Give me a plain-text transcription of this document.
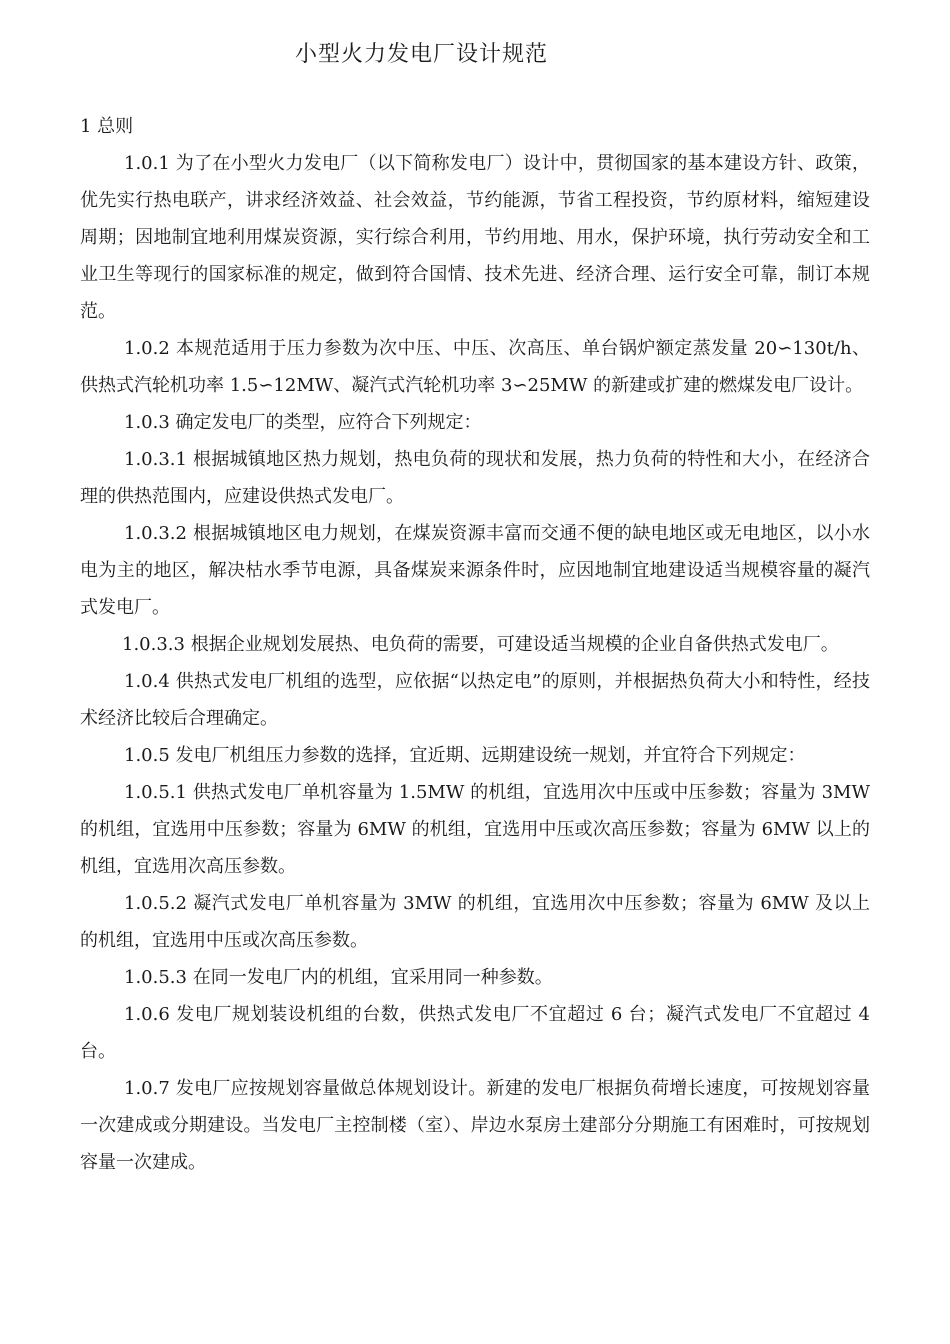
小型火力发电厂设计规范

1 总则

1.0.1 为了在小型火力发电厂（以下简称发电厂）设计中，贯彻国家的基本建设方针、政策，优先实行热电联产，讲求经济效益、社会效益，节约能源，节省工程投资，节约原材料，缩短建设周期；因地制宜地利用煤炭资源，实行综合利用，节约用地、用水，保护环境，执行劳动安全和工业卫生等现行的国家标准的规定，做到符合国情、技术先进、经济合理、运行安全可靠，制订本规范。

1.0.2 本规范适用于压力参数为次中压、中压、次高压、单台锅炉额定蒸发量 20∽130t/h、供热式汽轮机功率 1.5∽12MW、凝汽式汽轮机功率 3∽25MW 的新建或扩建的燃煤发电厂设计。

1.0.3 确定发电厂的类型，应符合下列规定：

1.0.3.1 根据城镇地区热力规划，热电负荷的现状和发展，热力负荷的特性和大小，在经济合理的供热范围内，应建设供热式发电厂。

1.0.3.2 根据城镇地区电力规划，在煤炭资源丰富而交通不便的缺电地区或无电地区，以小水电为主的地区，解决枯水季节电源，具备煤炭来源条件时，应因地制宜地建设适当规模容量的凝汽式发电厂。

1.0.3.3 根据企业规划发展热、电负荷的需要，可建设适当规模的企业自备供热式发电厂。

1.0.4 供热式发电厂机组的选型，应依据“以热定电”的原则，并根据热负荷大小和特性，经技术经济比较后合理确定。

1.0.5 发电厂机组压力参数的选择，宜近期、远期建设统一规划，并宜符合下列规定：

1.0.5.1 供热式发电厂单机容量为 1.5MW 的机组，宜选用次中压或中压参数；容量为 3MW 的机组，宜选用中压参数；容量为 6MW 的机组，宜选用中压或次高压参数；容量为 6MW 以上的机组，宜选用次高压参数。

1.0.5.2 凝汽式发电厂单机容量为 3MW 的机组，宜选用次中压参数；容量为 6MW 及以上的机组，宜选用中压或次高压参数。

1.0.5.3 在同一发电厂内的机组，宜采用同一种参数。

1.0.6 发电厂规划装设机组的台数，供热式发电厂不宜超过 6 台；凝汽式发电厂不宜超过 4 台。

1.0.7 发电厂应按规划容量做总体规划设计。新建的发电厂根据负荷增长速度，可按规划容量一次建成或分期建设。当发电厂主控制楼（室）、岸边水泵房土建部分分期施工有困难时，可按规划容量一次建成。
